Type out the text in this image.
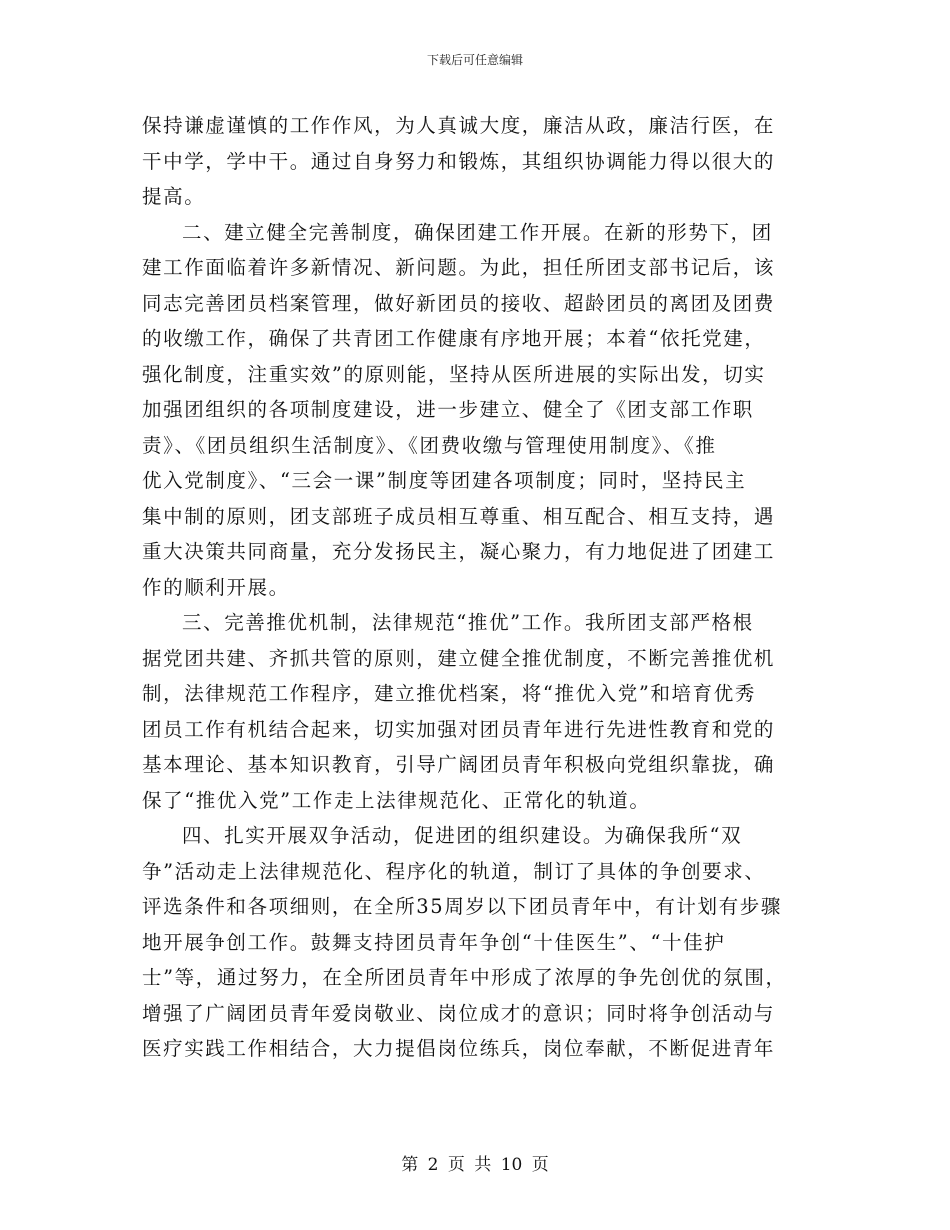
下载后可任意编辑

保持谦虚谨慎的工作作风，为人真诚大度，廉洁从政，廉洁行医，在
干中学，学中干。通过自身努力和锻炼，其组织协调能力得以很大的
提高。

二、建立健全完善制度，确保团建工作开展。在新的形势下，团
建工作面临着许多新情况、新问题。为此，担任所团支部书记后，该
同志完善团员档案管理，做好新团员的接收、超龄团员的离团及团费
的收缴工作，确保了共青团工作健康有序地开展；本着“依托党建，
强化制度，注重实效”的原则能，坚持从医所进展的实际出发，切实
加强团组织的各项制度建设，进一步建立、健全了《团支部工作职
责》、《团员组织生活制度》、《团费收缴与管理使用制度》、《推
优入党制度》、“三会一课”制度等团建各项制度；同时，坚持民主
集中制的原则，团支部班子成员相互尊重、相互配合、相互支持，遇
重大决策共同商量，充分发扬民主，凝心聚力，有力地促进了团建工
作的顺利开展。

三、完善推优机制，法律规范“推优”工作。我所团支部严格根
据党团共建、齐抓共管的原则，建立健全推优制度，不断完善推优机
制，法律规范工作程序，建立推优档案，将“推优入党”和培育优秀
团员工作有机结合起来，切实加强对团员青年进行先进性教育和党的
基本理论、基本知识教育，引导广阔团员青年积极向党组织靠拢，确
保了“推优入党”工作走上法律规范化、正常化的轨道。

四、扎实开展双争活动，促进团的组织建设。为确保我所“双
争”活动走上法律规范化、程序化的轨道，制订了具体的争创要求、
评选条件和各项细则，在全所35周岁以下团员青年中，有计划有步骤
地开展争创工作。鼓舞支持团员青年争创“十佳医生”、“十佳护
士”等，通过努力，在全所团员青年中形成了浓厚的争先创优的氛围，
增强了广阔团员青年爱岗敬业、岗位成才的意识；同时将争创活动与
医疗实践工作相结合，大力提倡岗位练兵，岗位奉献，不断促进青年

第 2 页 共 10 页
